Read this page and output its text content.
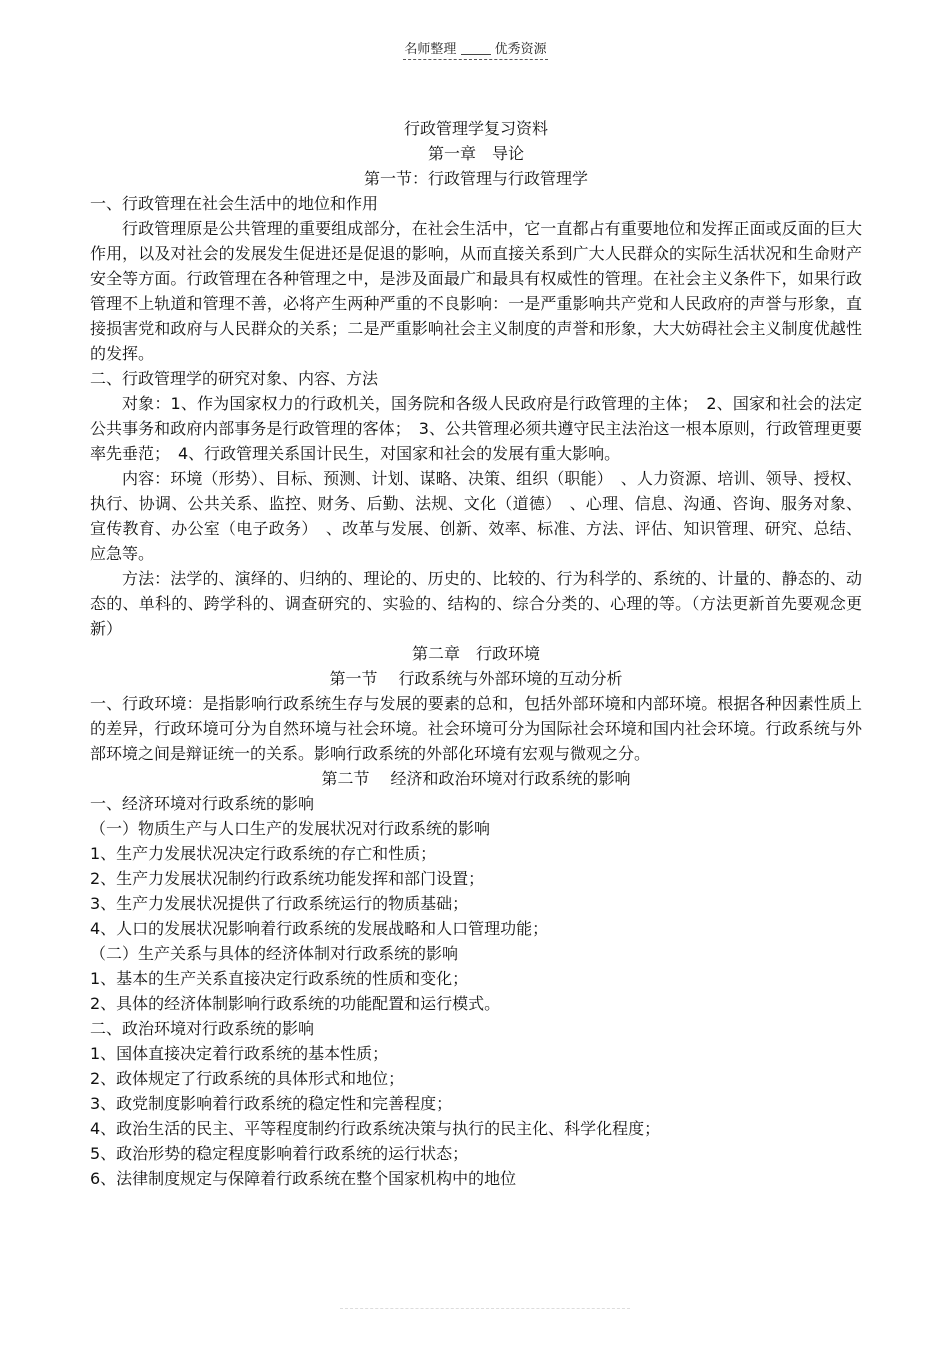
名师整理	优秀资源

行政管理学复习资料

第一章　导论

第一节：行政管理与行政管理学

一、行政管理在社会生活中的地位和作用

行政管理原是公共管理的重要组成部分，在社会生活中，它一直都占有重要地位和发挥正面或反面的巨大作用，以及对社会的发展发生促进还是促退的影响，从而直接关系到广大人民群众的实际生活状况和生命财产安全等方面。行政管理在各种管理之中，是涉及面最广和最具有权威性的管理。在社会主义条件下，如果行政管理不上轨道和管理不善，必将产生两种严重的不良影响：一是严重影响共产党和人民政府的声誉与形象，直接损害党和政府与人民群众的关系；二是严重影响社会主义制度的声誉和形象，大大妨碍社会主义制度优越性的发挥。

二、行政管理学的研究对象、内容、方法

对象：1、作为国家权力的行政机关，国务院和各级人民政府是行政管理的主体；　2、国家和社会的法定公共事务和政府内部事务是行政管理的客体；　3、公共管理必须共遵守民主法治这一根本原则，行政管理更要率先垂范；　4、行政管理关系国计民生，对国家和社会的发展有重大影响。

内容：环境（形势）、目标、预测、计划、谋略、决策、组织（职能）　、人力资源、培训、领导、授权、执行、协调、公共关系、监控、财务、后勤、法规、文化（道德）　、心理、信息、沟通、咨询、服务对象、宣传教育、办公室（电子政务）　、改革与发展、创新、效率、标准、方法、评估、知识管理、研究、总结、应急等。

方法：法学的、演绎的、归纳的、理论的、历史的、比较的、行为科学的、系统的、计量的、静态的、动态的、单科的、跨学科的、调查研究的、实验的、结构的、综合分类的、心理的等。（方法更新首先要观念更新）

第二章　行政环境

第一节　 行政系统与外部环境的互动分析

一、行政环境：是指影响行政系统生存与发展的要素的总和，包括外部环境和内部环境。根据各种因素性质上的差异，行政环境可分为自然环境与社会环境。社会环境可分为国际社会环境和国内社会环境。行政系统与外部环境之间是辩证统一的关系。影响行政系统的外部化环境有宏观与微观之分。

第二节　 经济和政治环境对行政系统的影响

一、经济环境对行政系统的影响

（一）物质生产与人口生产的发展状况对行政系统的影响

1、生产力发展状况决定行政系统的存亡和性质；

2、生产力发展状况制约行政系统功能发挥和部门设置；

3、生产力发展状况提供了行政系统运行的物质基础；

4、人口的发展状况影响着行政系统的发展战略和人口管理功能；

（二）生产关系与具体的经济体制对行政系统的影响

1、基本的生产关系直接决定行政系统的性质和变化；

2、具体的经济体制影响行政系统的功能配置和运行模式。

二、政治环境对行政系统的影响

1、国体直接决定着行政系统的基本性质；

2、政体规定了行政系统的具体形式和地位；

3、政党制度影响着行政系统的稳定性和完善程度；

4、政治生活的民主、平等程度制约行政系统决策与执行的民主化、科学化程度；

5、政治形势的稳定程度影响着行政系统的运行状态；

6、法律制度规定与保障着行政系统在整个国家机构中的地位
